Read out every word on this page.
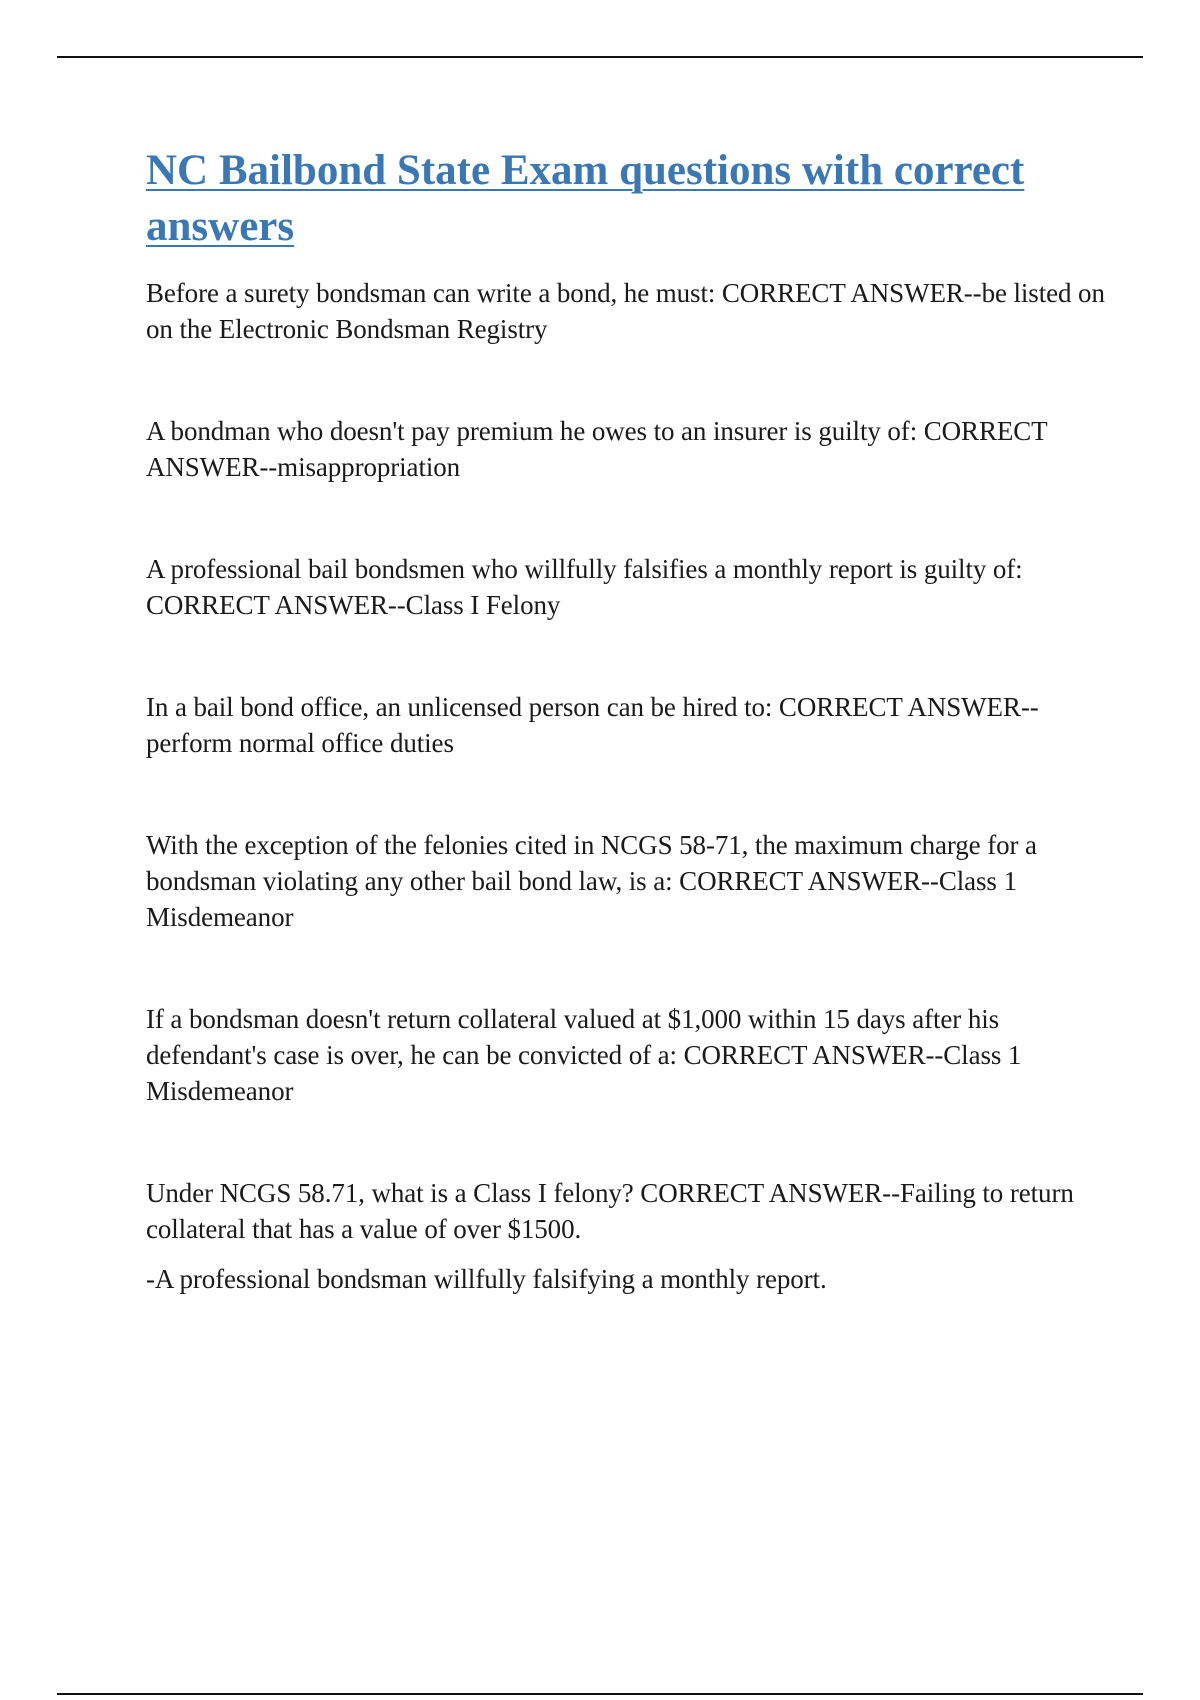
NC Bailbond State Exam questions with correct answers

Before a surety bondsman can write a bond, he must: CORRECT ANSWER--be listed on on the Electronic Bondsman Registry

A bondman who doesn't pay premium he owes to an insurer is guilty of: CORRECT ANSWER--misappropriation

A professional bail bondsmen who willfully falsifies a monthly report is guilty of: CORRECT ANSWER--Class I Felony

In a bail bond office, an unlicensed person can be hired to: CORRECT ANSWER--perform normal office duties

With the exception of the felonies cited in NCGS 58-71, the maximum charge for a bondsman violating any other bail bond law, is a: CORRECT ANSWER--Class 1 Misdemeanor

If a bondsman doesn't return collateral valued at $1,000 within 15 days after his defendant's case is over, he can be convicted of a: CORRECT ANSWER--Class 1 Misdemeanor

Under NCGS 58.71, what is a Class I felony? CORRECT ANSWER--Failing to return collateral that has a value of over $1500.

-A professional bondsman willfully falsifying a monthly report.
